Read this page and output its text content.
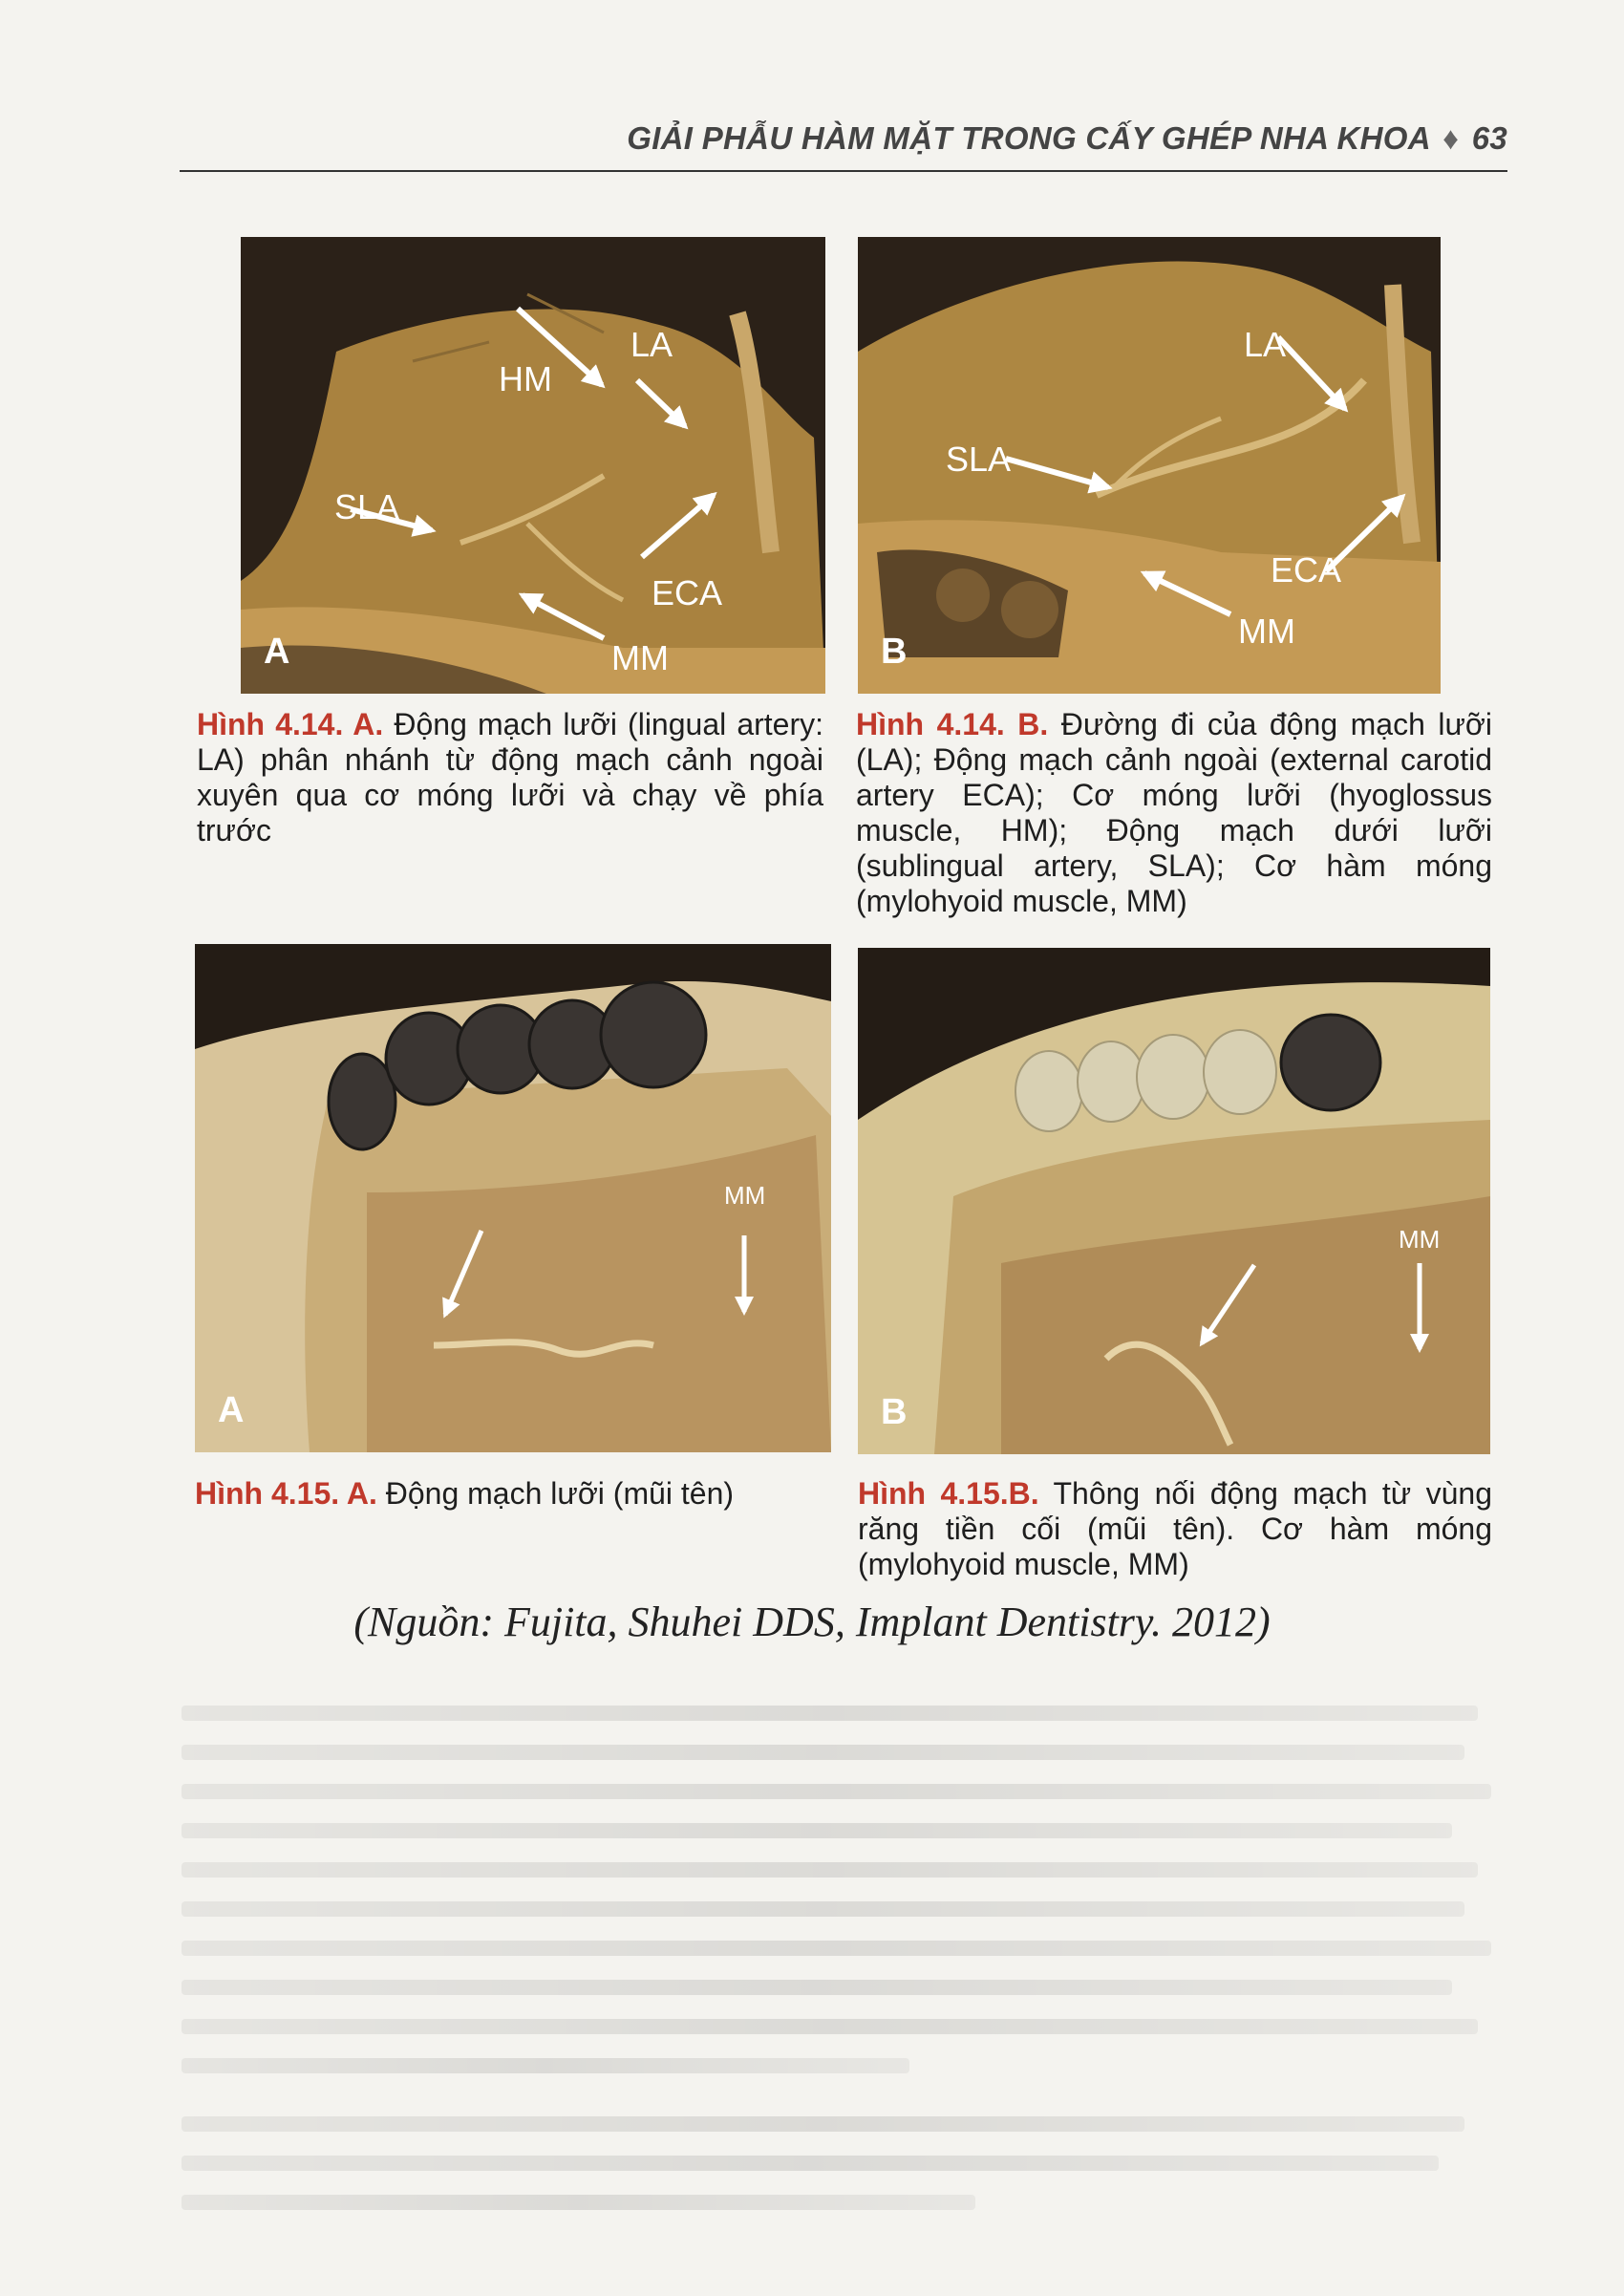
GIẢI PHẪU HÀM MẶT TRONG CẤY GHÉP NHA KHOA ♦ 63
LA
HM
SLA
ECA
MM
A
LA
SLA
ECA
MM
B
Hình 4.14. A. Động mạch lưỡi (lingual artery: LA) phân nhánh từ động mạch cảnh ngoài xuyên qua cơ móng lưỡi và chạy về phía trước
Hình 4.14. B. Đường đi của động mạch lưỡi (LA); Động mạch cảnh ngoài (external carotid artery ECA); Cơ móng lưỡi (hyoglossus muscle, HM); Động mạch dưới lưỡi (sublingual artery, SLA); Cơ hàm móng (mylohyoid muscle, MM)
MM
A
MM
B
Hình 4.15. A. Động mạch lưỡi (mũi tên)	Hình 4.15.B. Thông nối động mạch từ vùng răng tiền cối (mũi tên). Cơ hàm móng (mylohyoid muscle, MM)
(Nguồn: Fujita, Shuhei DDS, Implant Dentistry. 2012)
